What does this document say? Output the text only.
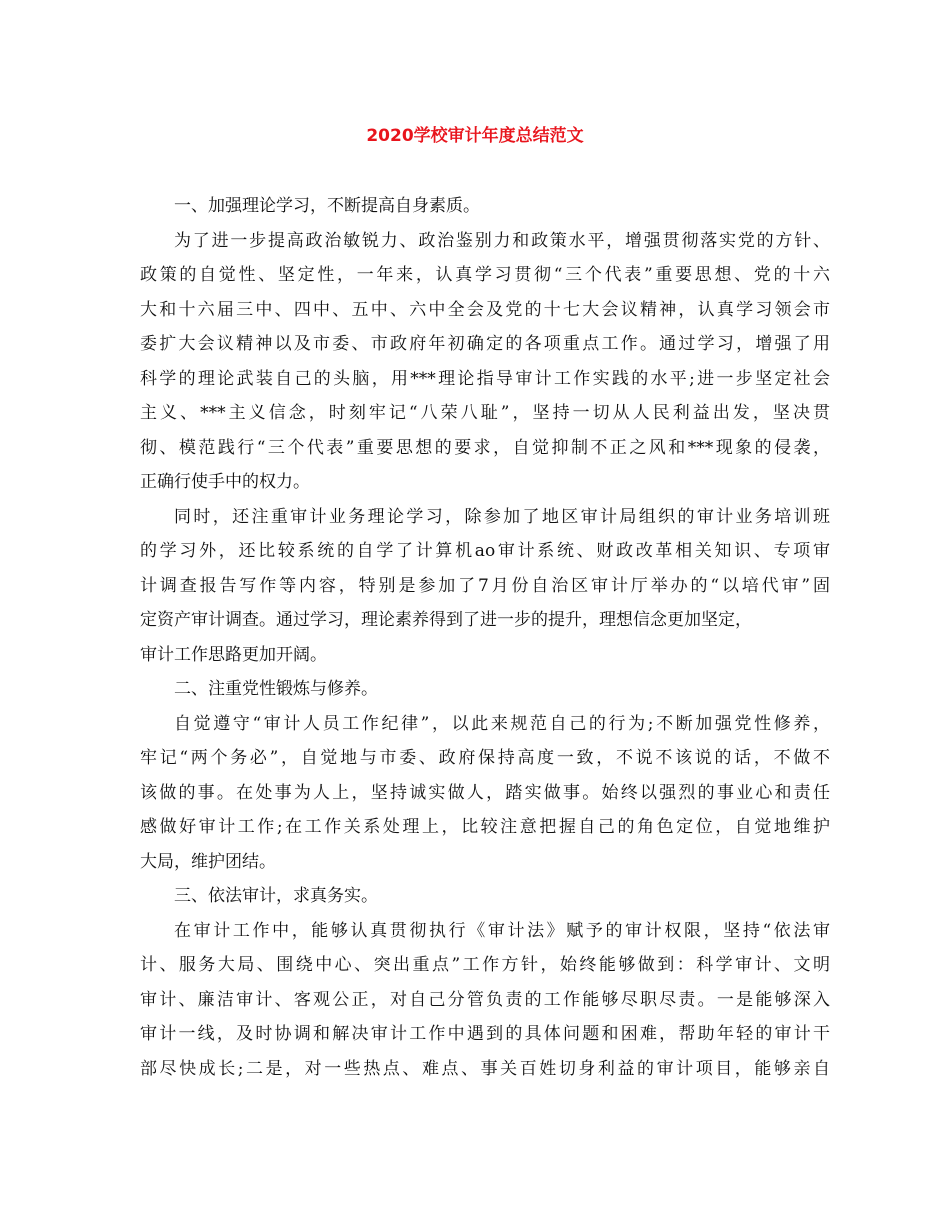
2020学校审计年度总结范文

一、加强理论学习，不断提高自身素质。

为了进一步提高政治敏锐力、政治鉴别力和政策水平，增强贯彻落实党的方针、

政策的自觉性、坚定性，一年来，认真学习贯彻“三个代表”重要思想、党的十六

大和十六届三中、四中、五中、六中全会及党的十七大会议精神，认真学习领会市

委扩大会议精神以及市委、市政府年初确定的各项重点工作。通过学习，增强了用

科学的理论武装自己的头脑，用***理论指导审计工作实践的水平;进一步坚定社会

主义、***主义信念，时刻牢记“八荣八耻”，坚持一切从人民利益出发，坚决贯

彻、模范践行“三个代表”重要思想的要求，自觉抑制不正之风和***现象的侵袭，

正确行使手中的权力。

同时，还注重审计业务理论学习，除参加了地区审计局组织的审计业务培训班

的学习外，还比较系统的自学了计算机ao审计系统、财政改革相关知识、专项审

计调查报告写作等内容，特别是参加了7月份自治区审计厅举办的“以培代审”固

定资产审计调查。通过学习，理论素养得到了进一步的提升，理想信念更加坚定，

审计工作思路更加开阔。

二、注重党性锻炼与修养。

自觉遵守“审计人员工作纪律”，以此来规范自己的行为;不断加强党性修养，

牢记“两个务必”，自觉地与市委、政府保持高度一致，不说不该说的话，不做不

该做的事。在处事为人上，坚持诚实做人，踏实做事。始终以强烈的事业心和责任

感做好审计工作;在工作关系处理上，比较注意把握自己的角色定位，自觉地维护

大局，维护团结。

三、依法审计，求真务实。

在审计工作中，能够认真贯彻执行《审计法》赋予的审计权限，坚持“依法审

计、服务大局、围绕中心、突出重点”工作方针，始终能够做到：科学审计、文明

审计、廉洁审计、客观公正，对自己分管负责的工作能够尽职尽责。一是能够深入

审计一线，及时协调和解决审计工作中遇到的具体问题和困难，帮助年轻的审计干

部尽快成长;二是，对一些热点、难点、事关百姓切身利益的审计项目，能够亲自
